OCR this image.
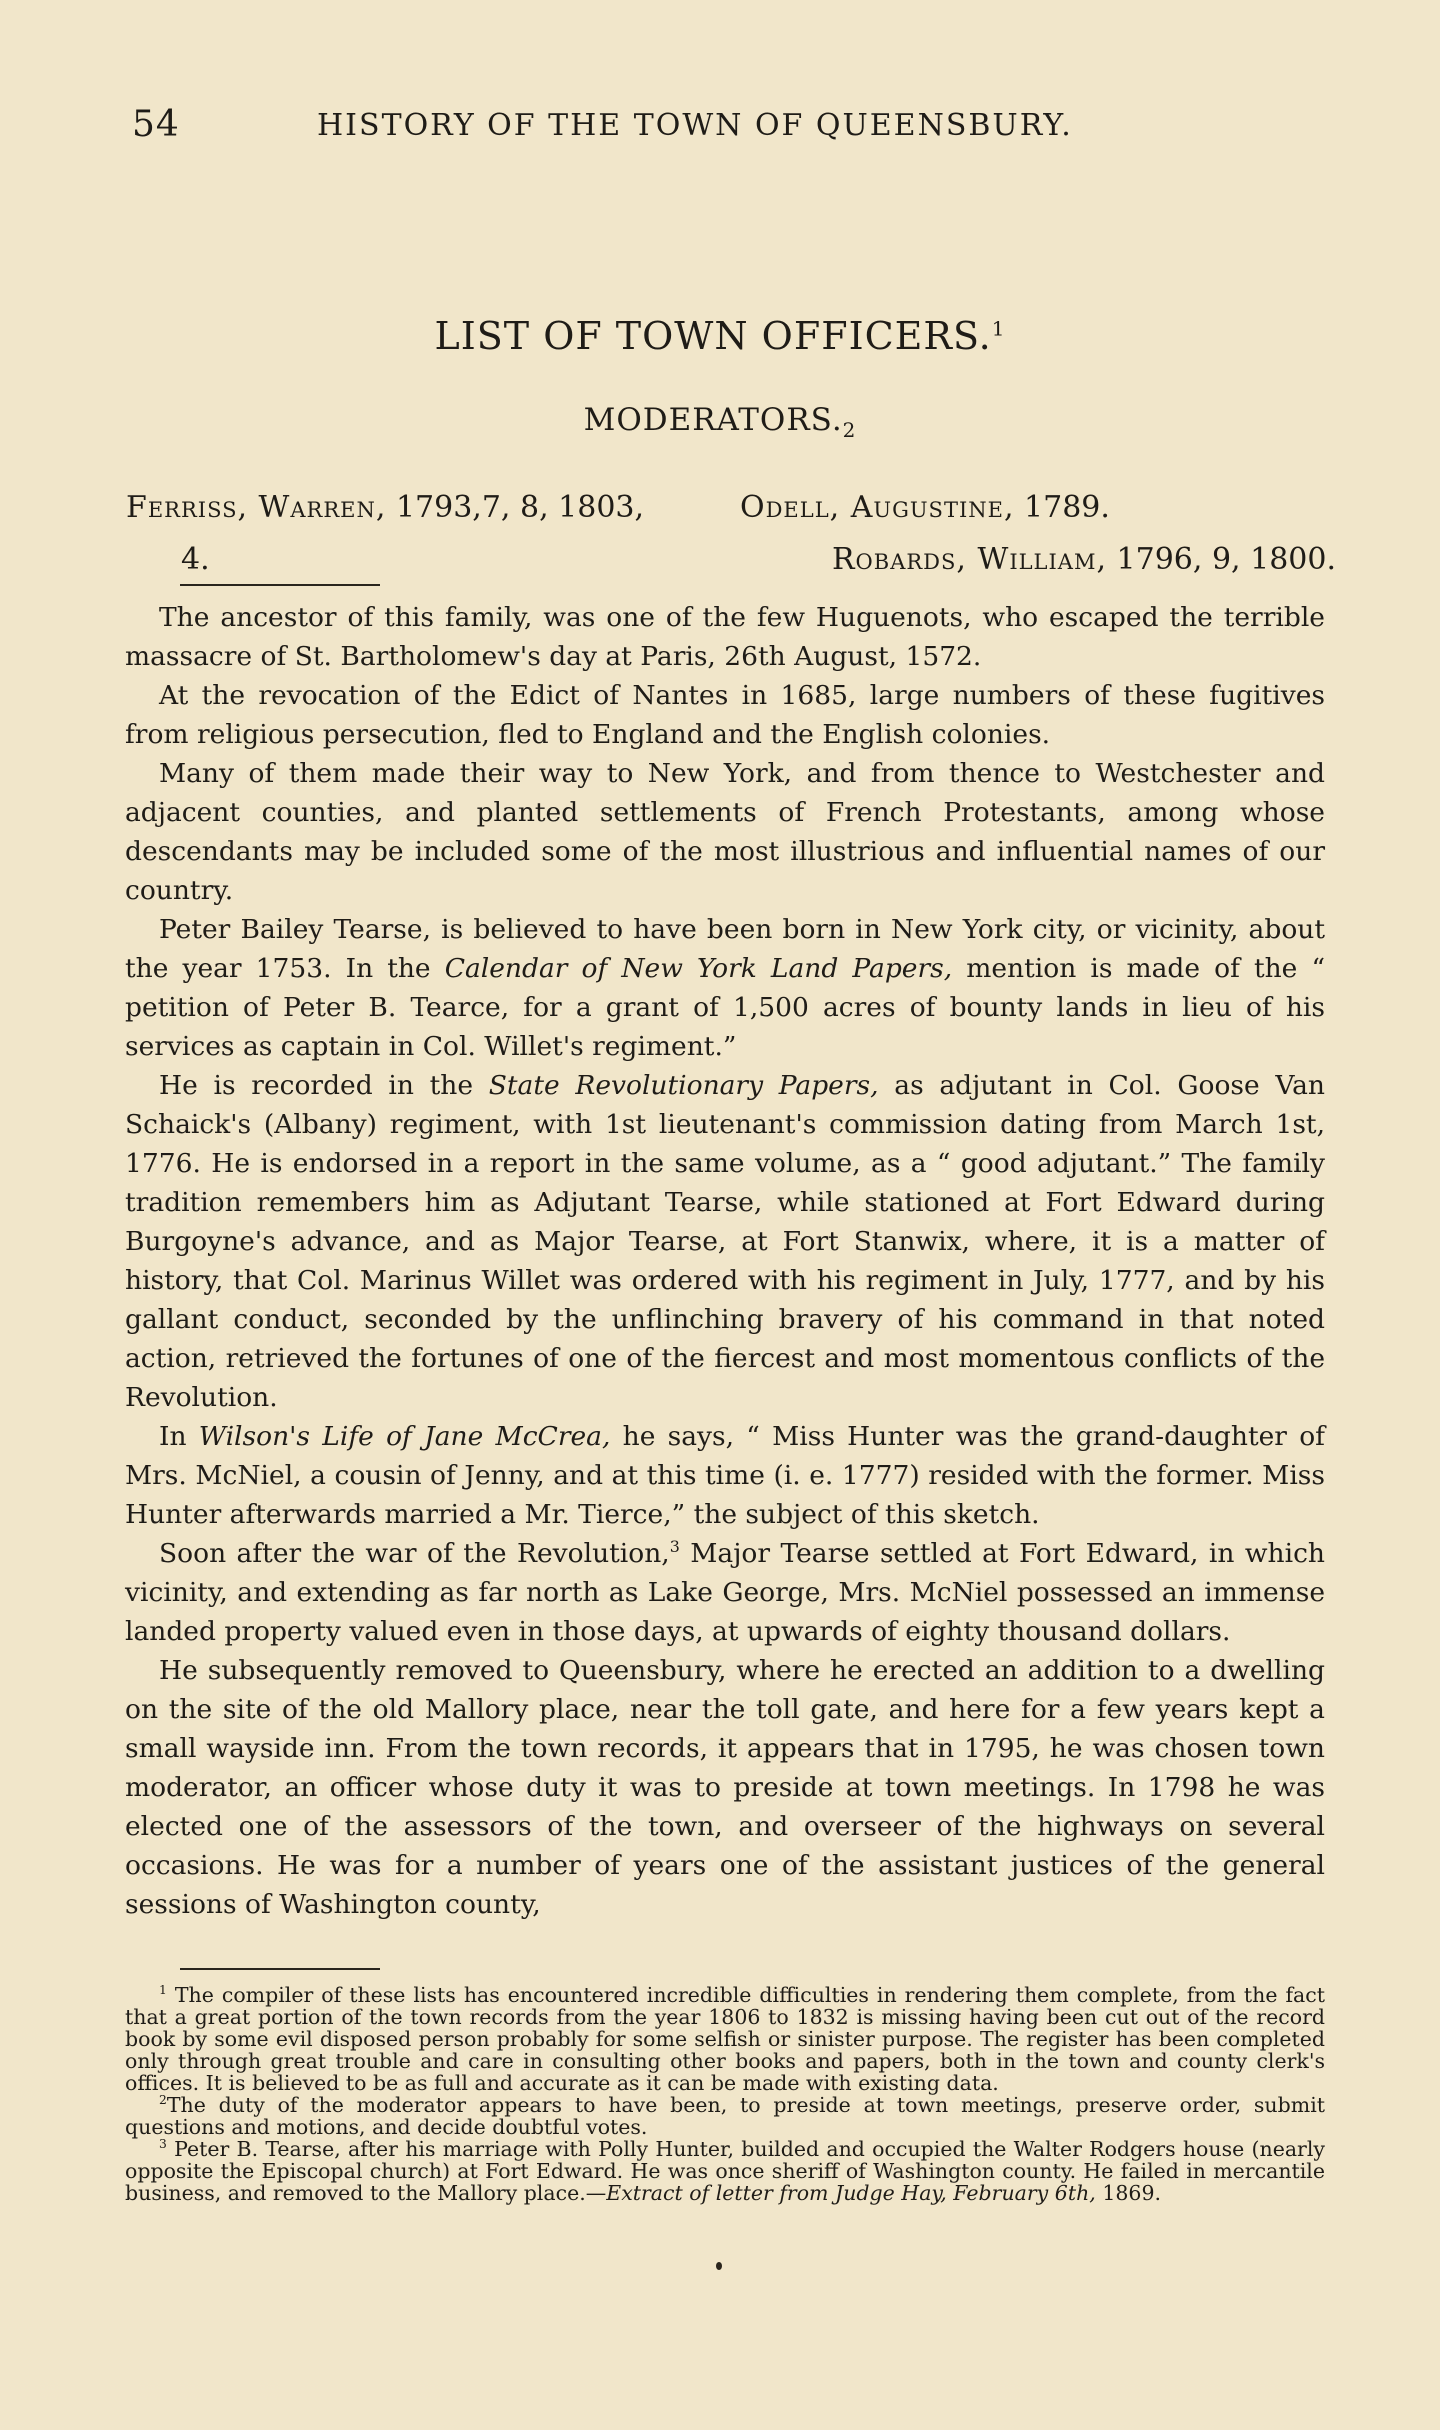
54	HISTORY OF THE TOWN OF QUEENSBURY.
LIST OF TOWN OFFICERS.$^1$
$MODERATORS._2$
Ferriss, Warren, 1793,7, 8, 1803,
4.
Odell, Augustine, 1789.
Robards, William, 1796, 9, 1800.

The ancestor of this family, was one of the few Huguenots, who escaped the terrible massacre of St. Bartholomew's day at Paris, 26th August, 1572.

At the revocation of the Edict of Nantes in 1685, large numbers of these fugitives from religious persecution, fled to England and the English colonies.

Many of them made their way to New York, and from thence to Westchester and adjacent counties, and planted settlements of French Protestants, among whose descendants may be included some of the most illustrious and influential names of our country.

Peter Bailey Tearse, is believed to have been born in New York city, or vicinity, about the year 1753. In the Calendar of New York Land Papers, mention is made of the “ petition of Peter B. Tearce, for a grant of 1,500 acres of bounty lands in lieu of his services as captain in Col. Willet's regiment.”

He is recorded in the State Revolutionary Papers, as adjutant in Col. Goose Van Schaick's (Albany) regiment, with 1st lieutenant's commission dating from March 1st, 1776. He is endorsed in a report in the same volume, as a “ good adjutant.” The family tradition remembers him as Adjutant Tearse, while stationed at Fort Edward during Burgoyne's advance, and as Major Tearse, at Fort Stanwix, where, it is a matter of history, that Col. Marinus Willet was ordered with his regiment in July, 1777, and by his gallant conduct, seconded by the unflinching bravery of his command in that noted action, retrieved the fortunes of one of the fiercest and most momentous conflicts of the Revolution.

In Wilson's Life of Jane McCrea, he says, “ Miss Hunter was the grand-daughter of Mrs. McNiel, a cousin of Jenny, and at this time (i. e. 1777) resided with the former. Miss Hunter afterwards married a Mr. Tierce,” the subject of this sketch.

Soon after the war of the Revolution,$^3$ Major Tearse settled at Fort Edward, in which vicinity, and extending as far north as Lake George, Mrs. McNiel possessed an immense landed property valued even in those days, at upwards of eighty thousand dollars.

He subsequently removed to Queensbury, where he erected an addition to a dwelling on the site of the old Mallory place, near the toll gate, and here for a few years kept a small wayside inn. From the town records, it appears that in 1795, he was chosen town moderator, an officer whose duty it was to preside at town meetings. In 1798 he was elected one of the assessors of the town, and overseer of the highways on several occasions. He was for a number of years one of the assistant justices of the general sessions of Washington county,

$^1$ The compiler of these lists has encountered incredible difficulties in rendering them complete, from the fact that a great portion of the town records from the year 1806 to 1832 is missing having been cut out of the record book by some evil disposed person probably for some selfish or sinister purpose. The register has been completed only through great trouble and care in consulting other books and papers, both in the town and county clerk's offices. It is believed to be as full and accurate as it can be made with existing data.

$^2$The duty of the moderator appears to have been, to preside at town meetings, preserve order, submit questions and motions, and decide doubtful votes.

$^3$ Peter B. Tearse, after his marriage with Polly Hunter, builded and occupied the Walter Rodgers house (nearly opposite the Episcopal church) at Fort Edward. He was once sheriff of Washington county. He failed in mercantile business, and removed to the Mallory place.—Extract of letter from Judge Hay, February 6th, 1869.
